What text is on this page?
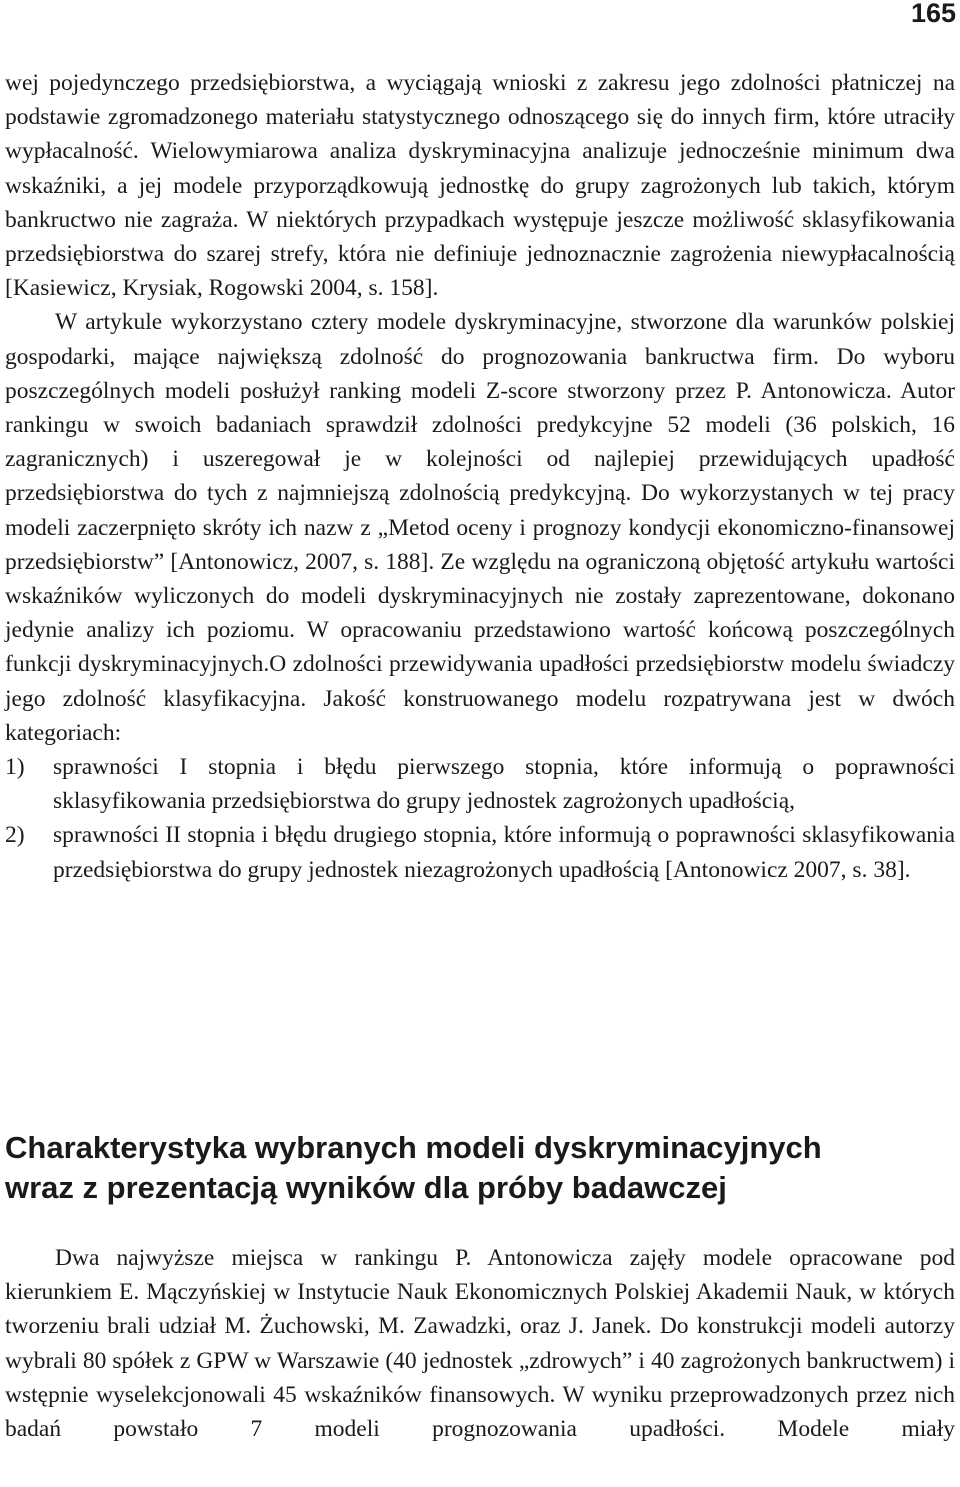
165

wej pojedynczego przedsiębiorstwa, a wyciągają wnioski z zakresu jego zdolności płatniczej na podstawie zgromadzonego materiału statystycznego odnoszącego się do innych firm, które utraciły wypłacalność. Wielowymiarowa analiza dyskryminacyjna analizuje jednocześnie minimum dwa wskaźniki, a jej modele przyporządkowują jednostkę do grupy zagrożonych lub takich, którym bankructwo nie zagraża. W niektórych przypadkach występuje jeszcze możliwość sklasyfikowania przedsiębiorstwa do szarej strefy, która nie definiuje jednoznacznie zagrożenia niewypłacalnością [Kasiewicz, Krysiak, Rogowski 2004, s. 158].

W artykule wykorzystano cztery modele dyskryminacyjne, stworzone dla warunków polskiej gospodarki, mające największą zdolność do prognozowania bankructwa firm. Do wyboru poszczególnych modeli posłużył ranking modeli Z-score stworzony przez P. Antonowicza. Autor rankingu w swoich badaniach sprawdził zdolności predykcyjne 52 modeli (36 polskich, 16 zagranicznych) i uszeregował je w kolejności od najlepiej przewidujących upadłość przedsiębiorstwa do tych z najmniejszą zdolnością predykcyjną. Do wykorzystanych w tej pracy modeli zaczerpnięto skróty ich nazw z „Metod oceny i prognozy kondycji ekonomiczno-finansowej przedsiębiorstw” [Antonowicz, 2007, s. 188]. Ze względu na ograniczoną objętość artykułu wartości wskaźników wyliczonych do modeli dyskryminacyjnych nie zostały zaprezentowane, dokonano jedynie analizy ich poziomu. W opracowaniu przedstawiono wartość końcową poszczególnych funkcji dyskryminacyjnych.O zdolności przewidywania upadłości przedsiębiorstw modelu świadczy jego zdolność klasyfikacyjna. Jakość konstruowanego modelu rozpatrywana jest w dwóch kategoriach:

1) sprawności I stopnia i błędu pierwszego stopnia, które informują o poprawności sklasyfikowania przedsiębiorstwa do grupy jednostek zagrożonych upadłością,
2) sprawności II stopnia i błędu drugiego stopnia, które informują o poprawności sklasyfikowania przedsiębiorstwa do grupy jednostek niezagrożonych upadłością [Antonowicz 2007, s. 38].
Charakterystyka wybranych modeli dyskryminacyjnych
wraz z prezentacją wyników dla próby badawczej

Dwa najwyższe miejsca w rankingu P. Antonowicza zajęły modele opracowane pod kierunkiem E. Mączyńskiej w Instytucie Nauk Ekonomicznych Polskiej Akademii Nauk, w których tworzeniu brali udział M. Żuchowski, M. Zawadzki, oraz J. Janek. Do konstrukcji modeli autorzy wybrali 80 spółek z GPW w Warszawie (40 jednostek „zdrowych” i 40 zagrożonych bankructwem) i wstępnie wyselekcjonowali 45 wskaźników finansowych. W wyniku przeprowadzonych przez nich badań powstało 7 modeli prognozowania upadłości. Modele miały
